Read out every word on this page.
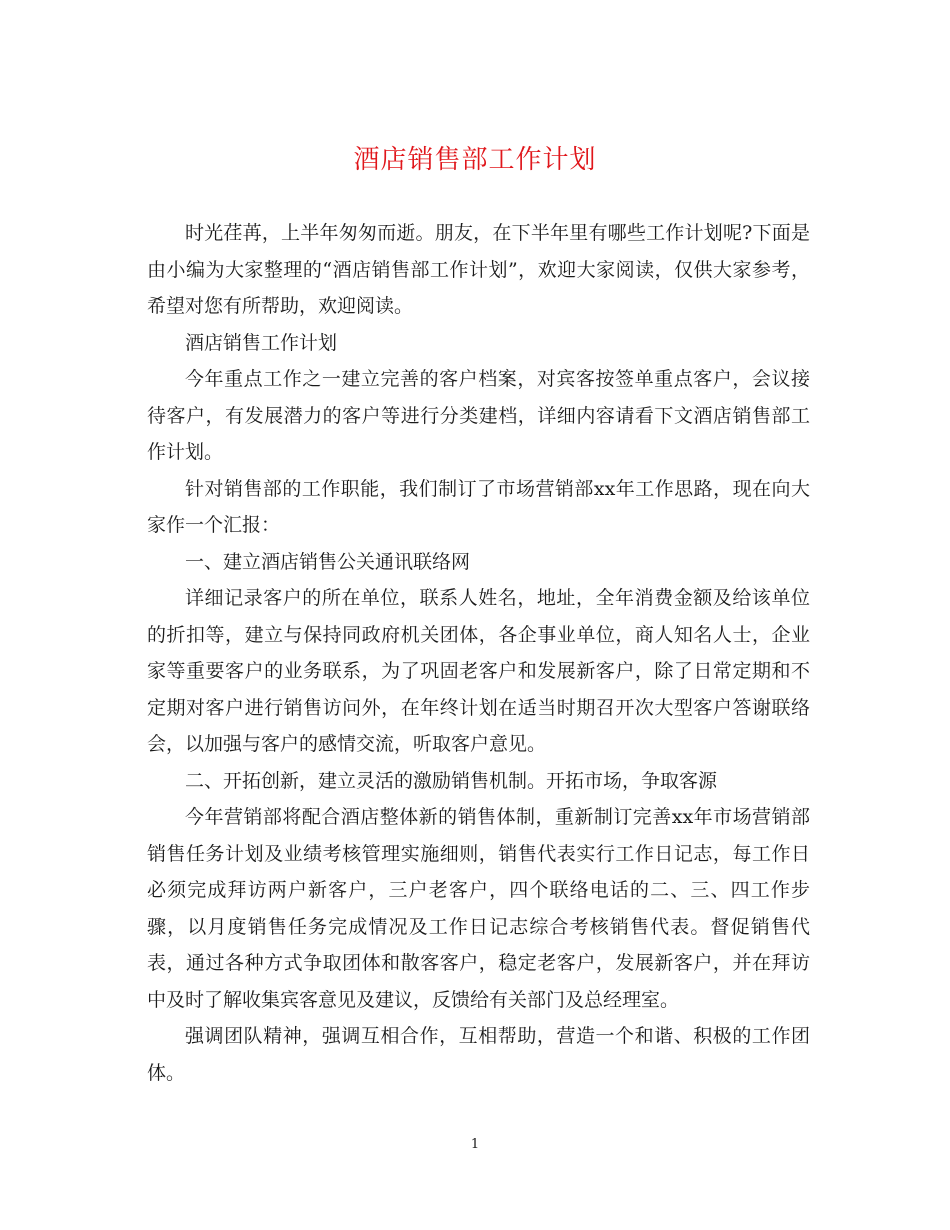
酒店销售部工作计划

时光荏苒，上半年匆匆而逝。朋友，在下半年里有哪些工作计划呢?下面是由小编为大家整理的“酒店销售部工作计划”，欢迎大家阅读，仅供大家参考，希望对您有所帮助，欢迎阅读。

酒店销售工作计划

今年重点工作之一建立完善的客户档案，对宾客按签单重点客户，会议接待客户，有发展潜力的客户等进行分类建档，详细内容请看下文酒店销售部工作计划。

针对销售部的工作职能，我们制订了市场营销部xx年工作思路，现在向大家作一个汇报：

一、建立酒店销售公关通讯联络网

详细记录客户的所在单位，联系人姓名，地址，全年消费金额及给该单位的折扣等，建立与保持同政府机关团体，各企事业单位，商人知名人士，企业家等重要客户的业务联系，为了巩固老客户和发展新客户，除了日常定期和不定期对客户进行销售访问外，在年终计划在适当时期召开次大型客户答谢联络会，以加强与客户的感情交流，听取客户意见。

二、开拓创新，建立灵活的激励销售机制。开拓市场，争取客源

今年营销部将配合酒店整体新的销售体制，重新制订完善xx年市场营销部销售任务计划及业绩考核管理实施细则，销售代表实行工作日记志，每工作日必须完成拜访两户新客户，三户老客户，四个联络电话的二、三、四工作步骤，以月度销售任务完成情况及工作日记志综合考核销售代表。督促销售代表，通过各种方式争取团体和散客客户，稳定老客户，发展新客户，并在拜访中及时了解收集宾客意见及建议，反馈给有关部门及总经理室。

强调团队精神，强调互相合作，互相帮助，营造一个和谐、积极的工作团体。

1
